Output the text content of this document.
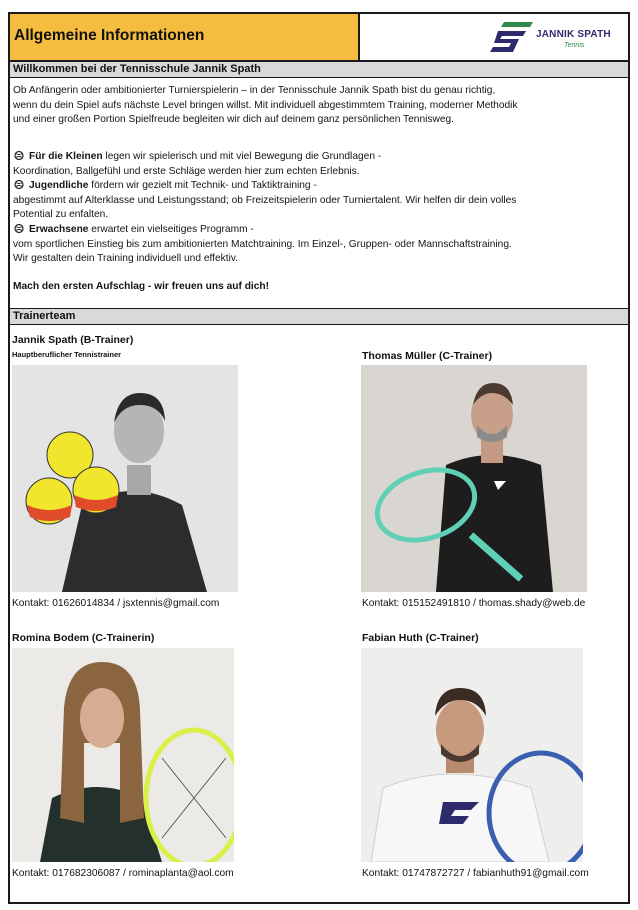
Allgemeine Informationen	JANNIK SPATH
Tennis
Willkommen bei der Tennisschule Jannik Spath
Ob Anfängerin oder ambitionierter Turnierspielerin – in der Tennisschule Jannik Spath bist du genau richtig,
wenn du dein Spiel aufs nächste Level bringen willst. Mit individuell abgestimmtem Training, moderner Methodik
und einer großen Portion Spielfreude begleiten wir dich auf deinem ganz persönlichen Tennisweg.
Für die Kleinen legen wir spielerisch und mit viel Bewegung die Grundlagen -
Koordination, Ballgefühl und erste Schläge werden hier zum echten Erlebnis.
Jugendliche fördern wir gezielt mit Technik- und Taktiktraining -
abgestimmt auf Alterklasse und Leistungsstand; ob Freizeitspielerin oder Turniertalent. Wir helfen dir dein volles
Potential zu enfalten.
Erwachsene erwartet ein vielseitiges Programm -
vom sportlichen Einstieg bis zum ambitionierten Matchtraining. Im Einzel-, Gruppen- oder Mannschaftstraining.
Wir gestalten dein Training individuell und effektiv.
Mach den ersten Aufschlag - wir freuen uns auf dich!
Trainerteam
Jannik Spath (B-Trainer)
Hauptberuflicher Tennistrainer
Kontakt: 01626014834 / jsxtennis@gmail.com
Thomas Müller (C-Trainer)
Kontakt: 015152491810 / thomas.shady@web.de
Romina Bodem (C-Trainerin)
Kontakt: 017682306087 / rominaplanta@aol.com
Fabian Huth (C-Trainer)
Kontakt: 01747872727 / fabianhuth91@gmail.com
